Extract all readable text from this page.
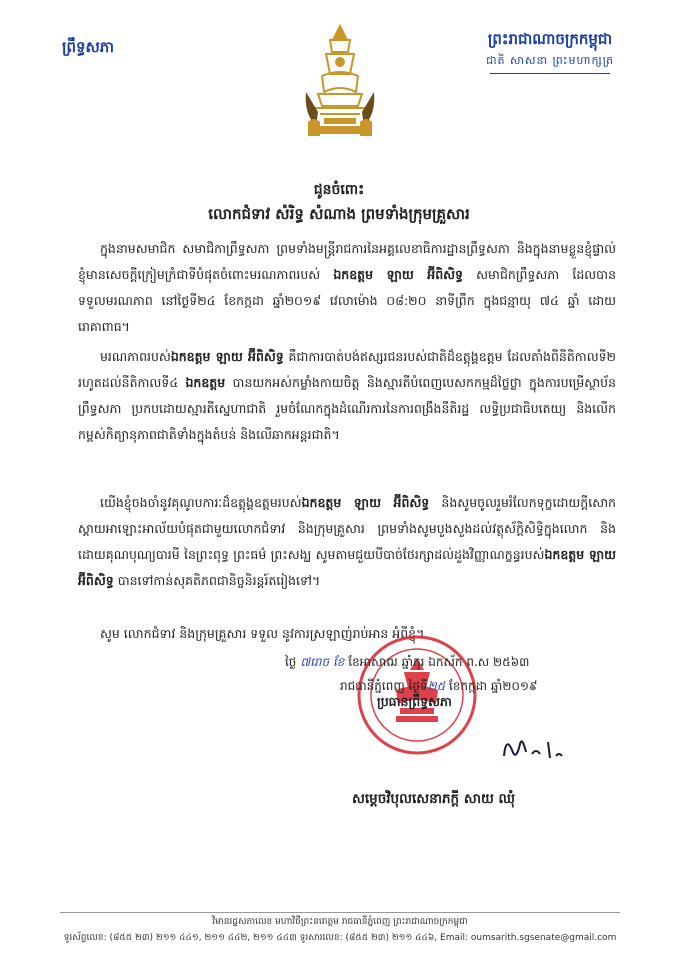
ព្រឹទ្ធសភា	ព្រះរាជាណាចក្រកម្ពុជា
ជាតិ សាសនា ព្រះមហាក្សត្រ
ជូនចំពោះ
លោកជំទាវ សំរិទ្ធ សំណាង ព្រមទាំងក្រុមគ្រួសារ
ក្នុងនាមសមាជិក សមាជិកាព្រឹទ្ធសភា ព្រមទាំងមន្ត្រីរាជការនៃអគ្គលេខាធិការដ្ឋានព្រឹទ្ធសភា និងក្នុងនាមខ្លួនខ្ញុំផ្ទាល់ ខ្ញុំមានសេចក្តីក្រៀមក្រំជាទីបំផុតចំពោះមរណភាពរបស់ ឯកឧត្តម ឡាយ អ៊ីពិសិទ្ធ សមាជិកព្រឹទ្ធសភា ដែលបានទទួលមរណភាព នៅថ្ងៃទី២៤ ខែកក្កដា ឆ្នាំ២០១៩ វេលាម៉ោង ០៨:២០ នាទីព្រឹក ក្នុងជន្មាយុ ៧៤ ឆ្នាំ ដោយរោគាពាធ។
មរណភាពរបស់ឯកឧត្តម ឡាយ អ៊ីពិសិទ្ធ គឺជាការបាត់បង់ឥស្សរជនរបស់ជាតិដ៏ឧត្តុង្គឧត្តម ដែលតាំងពីនីតិកាលទី២ រហូតដល់នីតិកាលទី៤ ឯកឧត្តម បានយកអស់កម្លាំងកាយចិត្ត និងស្មារតីបំពេញបេសកកម្មដ៏ថ្លៃថ្លា ក្នុងការបម្រើស្ថាប័នព្រឹទ្ធសភា ប្រកបដោយស្មារតីស្នេហាជាតិ រួមចំណែកក្នុងដំណើរការនៃការពង្រឹងនីតិរដ្ឋ លទ្ធិប្រជាធិបតេយ្យ និងលើកកម្ពស់កិត្យានុភាពជាតិទាំងក្នុងតំបន់ និងលើឆាកអន្តរជាតិ។
យើងខ្ញុំចងចាំនូវគុណូបការៈដ៏ឧត្តុង្គឧត្តមរបស់ឯកឧត្តម ឡាយ អ៊ីពិសិទ្ធ និងសូមចូលរួមរំលែកទុក្ខដោយក្តីសោកស្តាយអាឡោះអាល័យបំផុតជាមួយលោកជំទាវ និងក្រុមគ្រួសារ ព្រមទាំងសូមបួងសួងដល់វត្ថុស័ក្តិសិទ្ធិក្នុងលោក និងដោយគុណបុណ្យបារមី នៃព្រះពុទ្ធ ព្រះធម៌ ព្រះសង្ឃ សូមតាមជួយបីបាច់ថែរក្សាដល់ដួងវិញ្ញាណក្ខន្ធរបស់ឯកឧត្តម ឡាយ អ៊ីពិសិទ្ធ បានទៅកាន់សុគតិភពជានិច្ចនិរន្តរ៍តរៀងទៅ។
សូម លោកជំទាវ និងក្រុមគ្រួសារ ទទួល នូវការស្រឡាញ់រាប់អាន អំពីខ្ញុំ។
ថ្ងៃ ៧រោច ខែ ខែអាសាឍ ឆ្នាំកុរ ឯកស័ក ព.ស ២៥៦៣
រាជធានីភ្នំពេញ ថ្ងៃទី២៥ ខែកក្កដា ឆ្នាំ២០១៩
ប្រធានព្រឹទ្ធសភា
សម្តេចវិបុលសេនាភក្តី សាយ ឈុំ
វិមានរដ្ឋសភាលេខ មហាវិថីព្រះនរោត្តម រាជធានីភ្នំពេញ ព្រះរាជាណាចក្រកម្ពុជា
ទូរស័ព្ទលេខ: (៨៥៥ ២៣) ២១១ ៤៤១, ២១១ ៤៤២, ២១១ ៤៤៣ ទូរសារលេខ: (៨៥៥ ២៣) ២១១ ៤៤៦, Email: oumsarith.sgsenate@gmail.com
